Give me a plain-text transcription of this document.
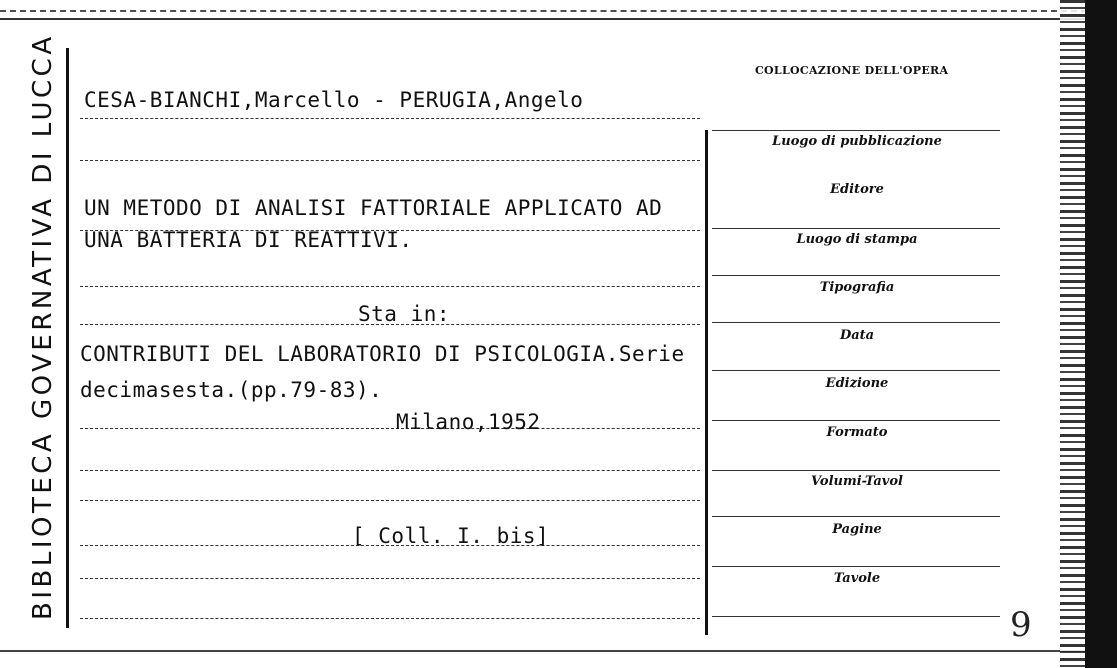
BIBLIOTECA GOVERNATIVA DI LUCCA CESA-BIANCHI,Marcello - PERUGIA,Angelo
UN METODO DI ANALISI FATTORIALE APPLICATO AD
UNA BATTERIA DI REATTIVI.
Sta in:
CONTRIBUTI DEL LABORATORIO DI PSICOLOGIA.Serie
decimasesta.(pp.79-83).
Milano,1952
[ Coll. I. bis]
COLLOCAZIONE DELL'OPERA
Luogo di pubblicazione
Editore
Luogo di stampa
Tipografia
Data
Edizione
Formato
Volumi-Tavol
Pagine
Tavole
9
